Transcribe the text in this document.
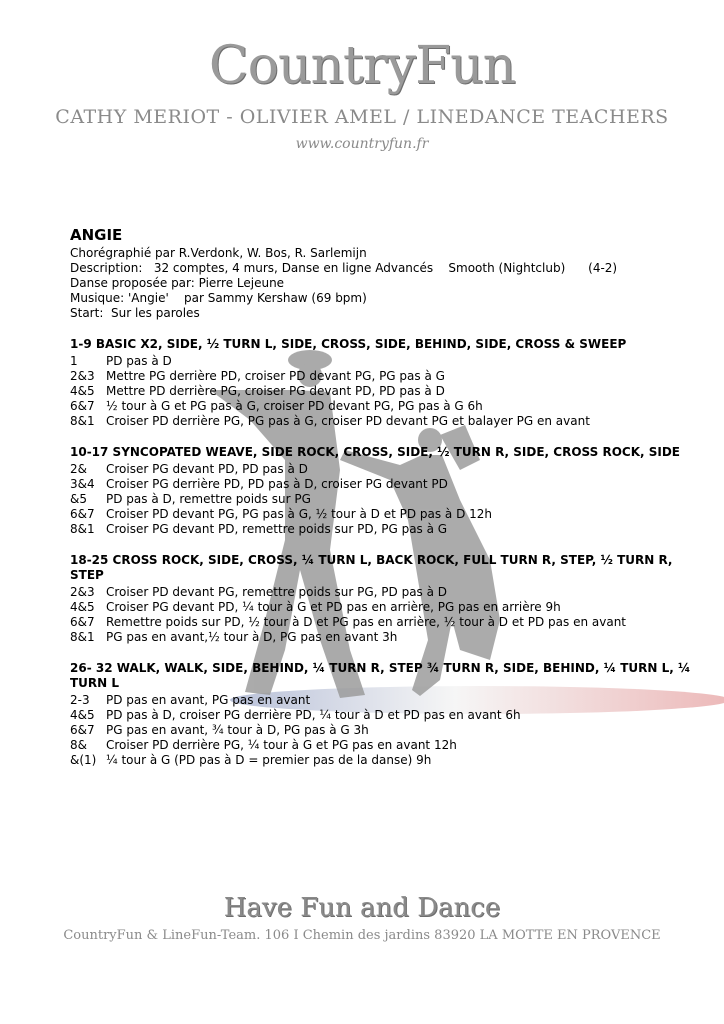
CountryFun
CATHY MERIOT - OLIVIER AMEL / LINEDANCE TEACHERS
www.countryfun.fr
ANGIE
Chorégraphié par R.Verdonk, W. Bos, R. Sarlemijn
Description:   32 comptes, 4 murs, Danse en ligne Advancés    Smooth (Nightclub)      (4-2)
Danse proposée par: Pierre Lejeune
Musique: 'Angie'    par Sammy Kershaw (69 bpm)
Start:  Sur les paroles
1-9 BASIC X2, SIDE, ½ TURN L, SIDE, CROSS, SIDE, BEHIND, SIDE, CROSS & SWEEP
1	PD pas à D
2&3 Mettre PG derrière PD, croiser PD devant PG, PG pas à G
4&5 Mettre PD derrière PG, croiser PG devant PD, PD pas à D
6&7 ½ tour à G et PG pas à G, croiser PD devant PG, PG pas à G 6h
8&1 Croiser PD derrière PG, PG pas à G, croiser PD devant PG et balayer PG en avant
10-17 SYNCOPATED WEAVE, SIDE ROCK, CROSS, SIDE, ½ TURN R, SIDE, CROSS ROCK, SIDE
2&	Croiser PG devant PD, PD pas à D
3&4 Croiser PG derrière PD, PD pas à D, croiser PG devant PD
&5	PD pas à D, remettre poids sur PG
6&7 Croiser PD devant PG, PG pas à G, ½ tour à D et PD pas à D 12h
8&1 Croiser PG devant PD, remettre poids sur PD, PG pas à G
18-25 CROSS ROCK, SIDE, CROSS, ¼ TURN L, BACK ROCK, FULL TURN R, STEP, ½ TURN R, STEP
2&3 Croiser PD devant PG, remettre poids sur PG, PD pas à D
4&5 Croiser PG devant PD, ¼ tour à G et PD pas en arrière, PG pas en arrière 9h
6&7 Remettre poids sur PD, ½ tour à D et PG pas en arrière, ½ tour à D et PD pas en avant
8&1 PG pas en avant,½ tour à D, PG pas en avant 3h
26- 32 WALK, WALK, SIDE, BEHIND, ¼ TURN R, STEP ¾ TURN R, SIDE, BEHIND, ¼ TURN L, ¼ TURN L
2-3	PD pas en avant, PG pas en avant
4&5 PD pas à D, croiser PG derrière PD, ¼ tour à D et PD pas en avant 6h
6&7 PG pas en avant, ¾ tour à D, PG pas à G 3h
8&	Croiser PD derrière PG, ¼ tour à G et PG pas en avant 12h
&(1) ¼ tour à G (PD pas à D = premier pas de la danse) 9h
Have Fun and Dance
CountryFun & LineFun-Team. 106 I Chemin des jardins 83920 LA MOTTE EN PROVENCE
